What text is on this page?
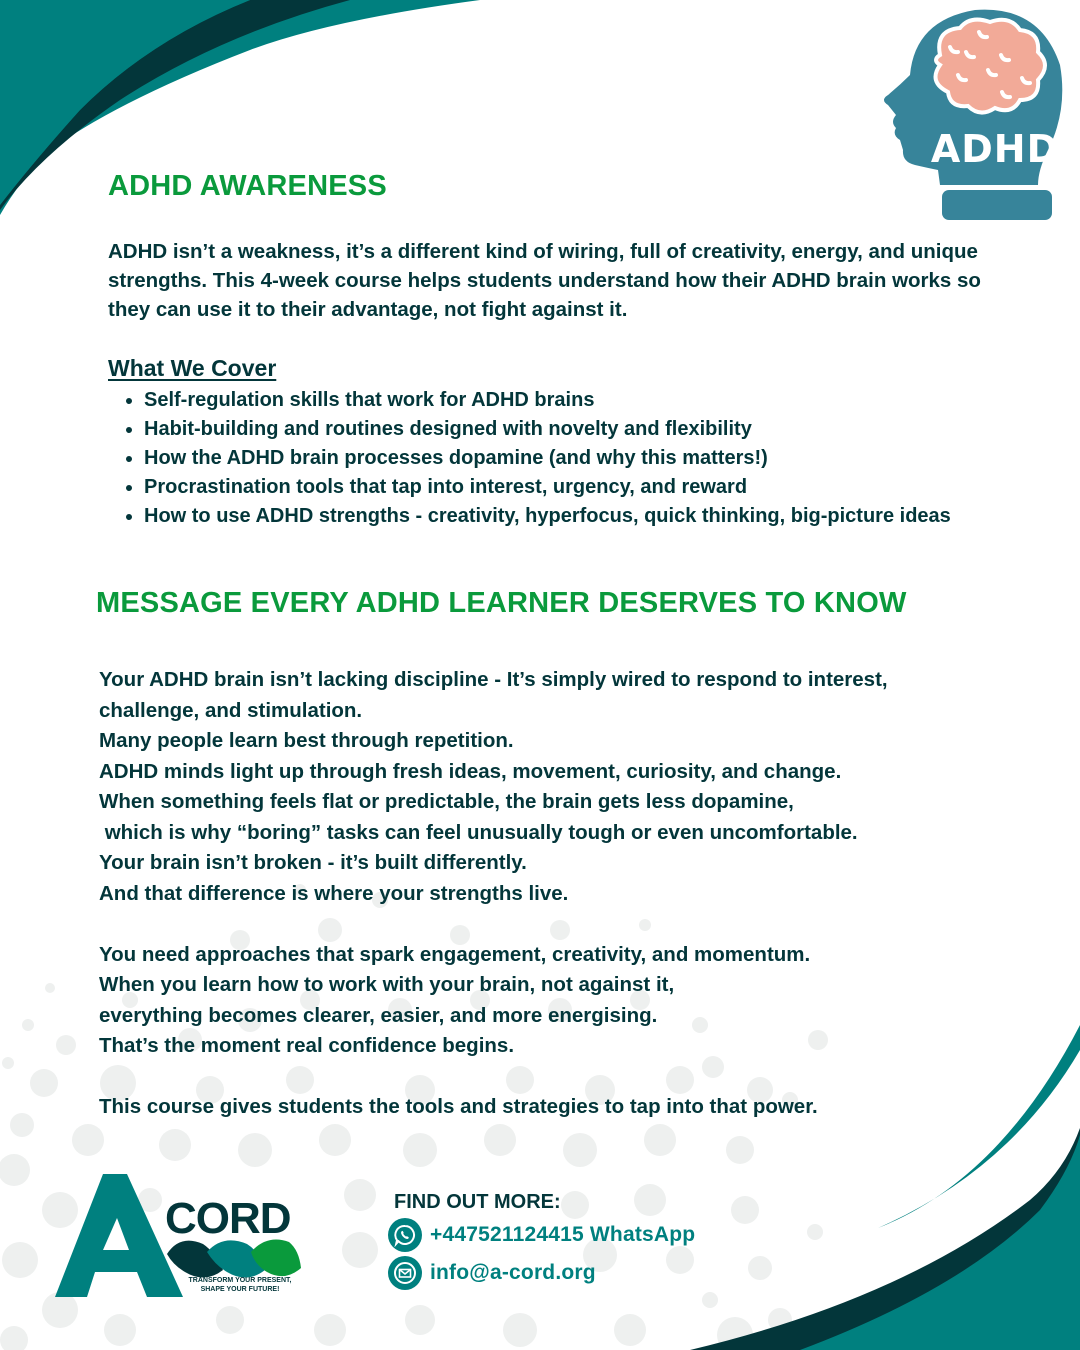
ADHD
ADHD AWARENESS
ADHD isn’t a weakness, it’s a different kind of wiring, full of creativity, energy, and unique
strengths. This 4-week course helps students understand how their ADHD brain works so
they can use it to their advantage, not fight against it.
What We Cover
Self-regulation skills that work for ADHD brains
Habit-building and routines designed with novelty and flexibility
How the ADHD brain processes dopamine (and why this matters!)
Procrastination tools that tap into interest, urgency, and reward
How to use ADHD strengths - creativity, hyperfocus, quick thinking, big-picture ideas
MESSAGE EVERY ADHD LEARNER DESERVES TO KNOW
Your ADHD brain isn’t lacking discipline - It’s simply wired to respond to interest,
challenge, and stimulation.
Many people learn best through repetition.
ADHD minds light up through fresh ideas, movement, curiosity, and change.
When something feels flat or predictable, the brain gets less dopamine,
which is why “boring” tasks can feel unusually tough or even uncomfortable.
Your brain isn’t broken - it’s built differently.
And that difference is where your strengths live.
You need approaches that spark engagement, creativity, and momentum.
When you learn how to work with your brain, not against it,
everything becomes clearer, easier, and more energising.
That’s the moment real confidence begins.
This course gives students the tools and strategies to tap into that power.
CORD
TRANSFORM YOUR PRESENT,
SHAPE YOUR FUTURE!
FIND OUT MORE:
+447521124415 WhatsApp
info@a-cord.org
